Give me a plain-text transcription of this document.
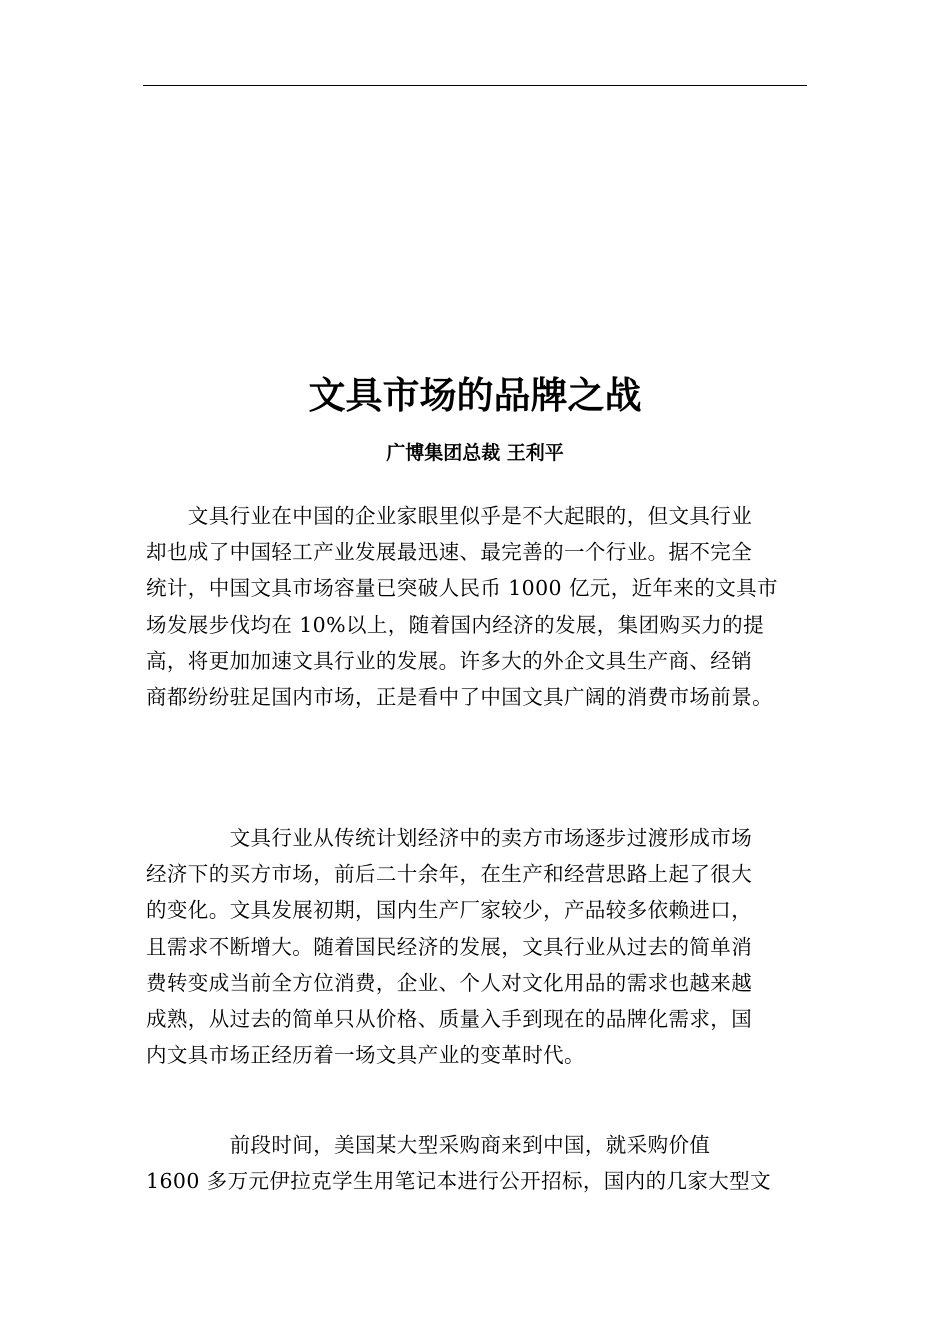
文具市场的品牌之战
广博集团总裁 王利平

　　文具行业在中国的企业家眼里似乎是不大起眼的，但文具行业
却也成了中国轻工产业发展最迅速、最完善的一个行业。据不完全
统计，中国文具市场容量已突破人民币 1000 亿元，近年来的文具市
场发展步伐均在 10%以上，随着国内经济的发展，集团购买力的提
高，将更加加速文具行业的发展。许多大的外企文具生产商、经销
商都纷纷驻足国内市场，正是看中了中国文具广阔的消费市场前景。

　　　　文具行业从传统计划经济中的卖方市场逐步过渡形成市场
经济下的买方市场，前后二十余年，在生产和经营思路上起了很大
的变化。文具发展初期，国内生产厂家较少，产品较多依赖进口，
且需求不断增大。随着国民经济的发展，文具行业从过去的简单消
费转变成当前全方位消费，企业、个人对文化用品的需求也越来越
成熟，从过去的简单只从价格、质量入手到现在的品牌化需求，国
内文具市场正经历着一场文具产业的变革时代。

　　　　前段时间，美国某大型采购商来到中国，就采购价值
1600 多万元伊拉克学生用笔记本进行公开招标，国内的几家大型文
